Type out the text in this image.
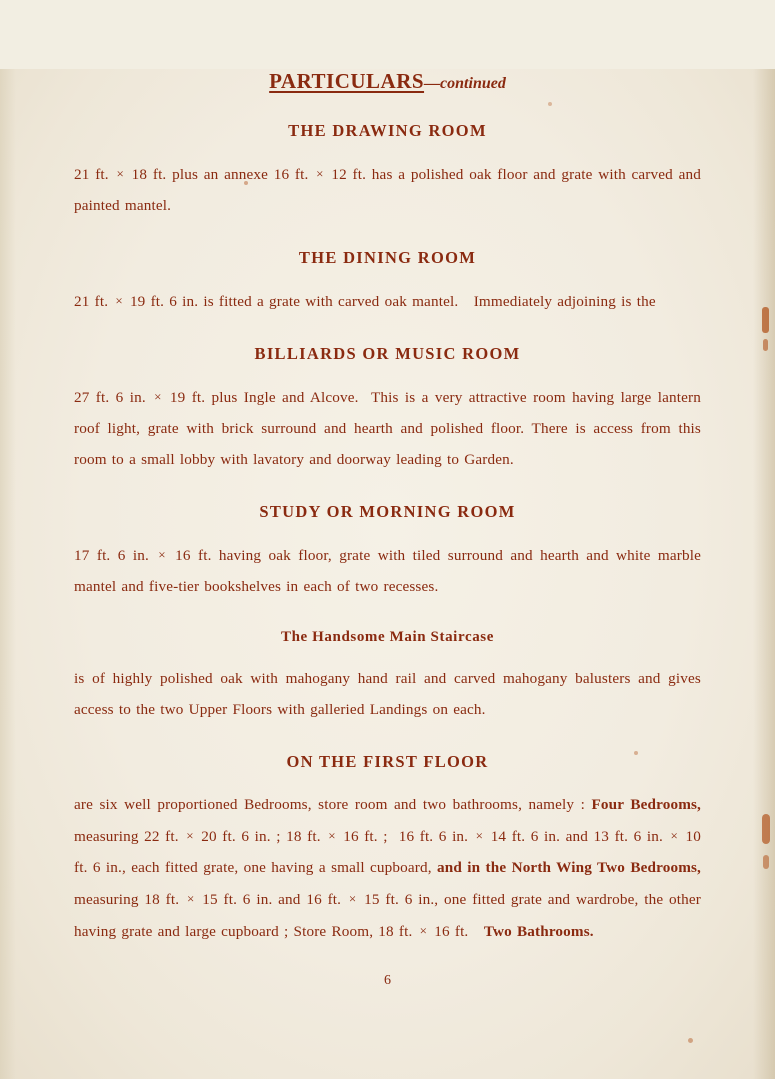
PARTICULARS—continued
THE DRAWING ROOM

21 ft. × 18 ft. plus an annexe 16 ft. × 12 ft. has a polished oak floor and grate with carved and painted mantel.

THE DINING ROOM

21 ft. × 19 ft. 6 in. is fitted a grate with carved oak mantel.   Immediately adjoining is the

BILLIARDS OR MUSIC ROOM

27 ft. 6 in. × 19 ft. plus Ingle and Alcove.  This is a very attractive room having large lantern roof light, grate with brick surround and hearth and polished floor. There is access from this room to a small lobby with lavatory and doorway leading to Garden.

STUDY OR MORNING ROOM

17 ft. 6 in. × 16 ft. having oak floor, grate with tiled surround and hearth and white marble mantel and five-tier bookshelves in each of two recesses.

The Handsome Main Staircase

is of highly polished oak with mahogany hand rail and carved mahogany balusters and gives access to the two Upper Floors with galleried Landings on each.

ON THE FIRST FLOOR

are six well proportioned Bedrooms, store room and two bathrooms, namely : Four Bedrooms, measuring 22 ft. × 20 ft. 6 in. ; 18 ft. × 16 ft. ;  16 ft. 6 in. × 14 ft. 6 in. and 13 ft. 6 in. × 10 ft. 6 in., each fitted grate, one having a small cupboard, and in the North Wing Two Bedrooms, measuring 18 ft. × 15 ft. 6 in. and 16 ft. × 15 ft. 6 in., one fitted grate and wardrobe, the other having grate and large cupboard ; Store Room, 18 ft. × 16 ft.   Two Bathrooms.

6
